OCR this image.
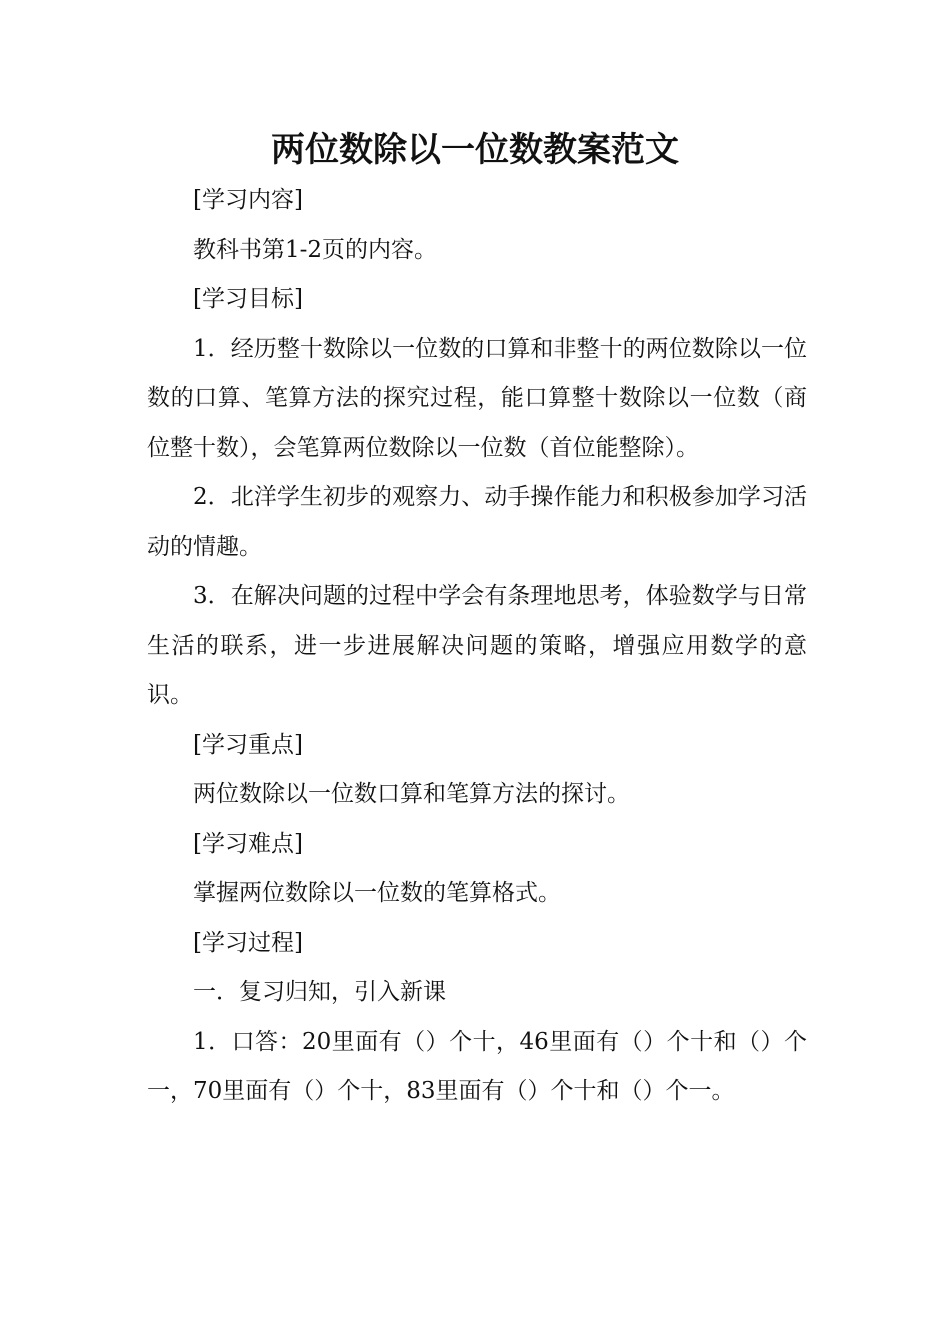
两位数除以一位数教案范文

[学习内容]

教科书第1-2页的内容。

[学习目标]

1．经历整十数除以一位数的口算和非整十的两位数除以一位数的口算、笔算方法的探究过程，能口算整十数除以一位数（商位整十数），会笔算两位数除以一位数（首位能整除）。

2．北洋学生初步的观察力、动手操作能力和积极参加学习活动的情趣。

3．在解决问题的过程中学会有条理地思考，体验数学与日常生活的联系，进一步进展解决问题的策略，增强应用数学的意识。

[学习重点]

两位数除以一位数口算和笔算方法的探讨。

[学习难点]

掌握两位数除以一位数的笔算格式。

[学习过程]

一．复习归知，引入新课

1．口答：20里面有（）个十，46里面有（）个十和（）个一，70里面有（）个十，83里面有（）个十和（）个一。
